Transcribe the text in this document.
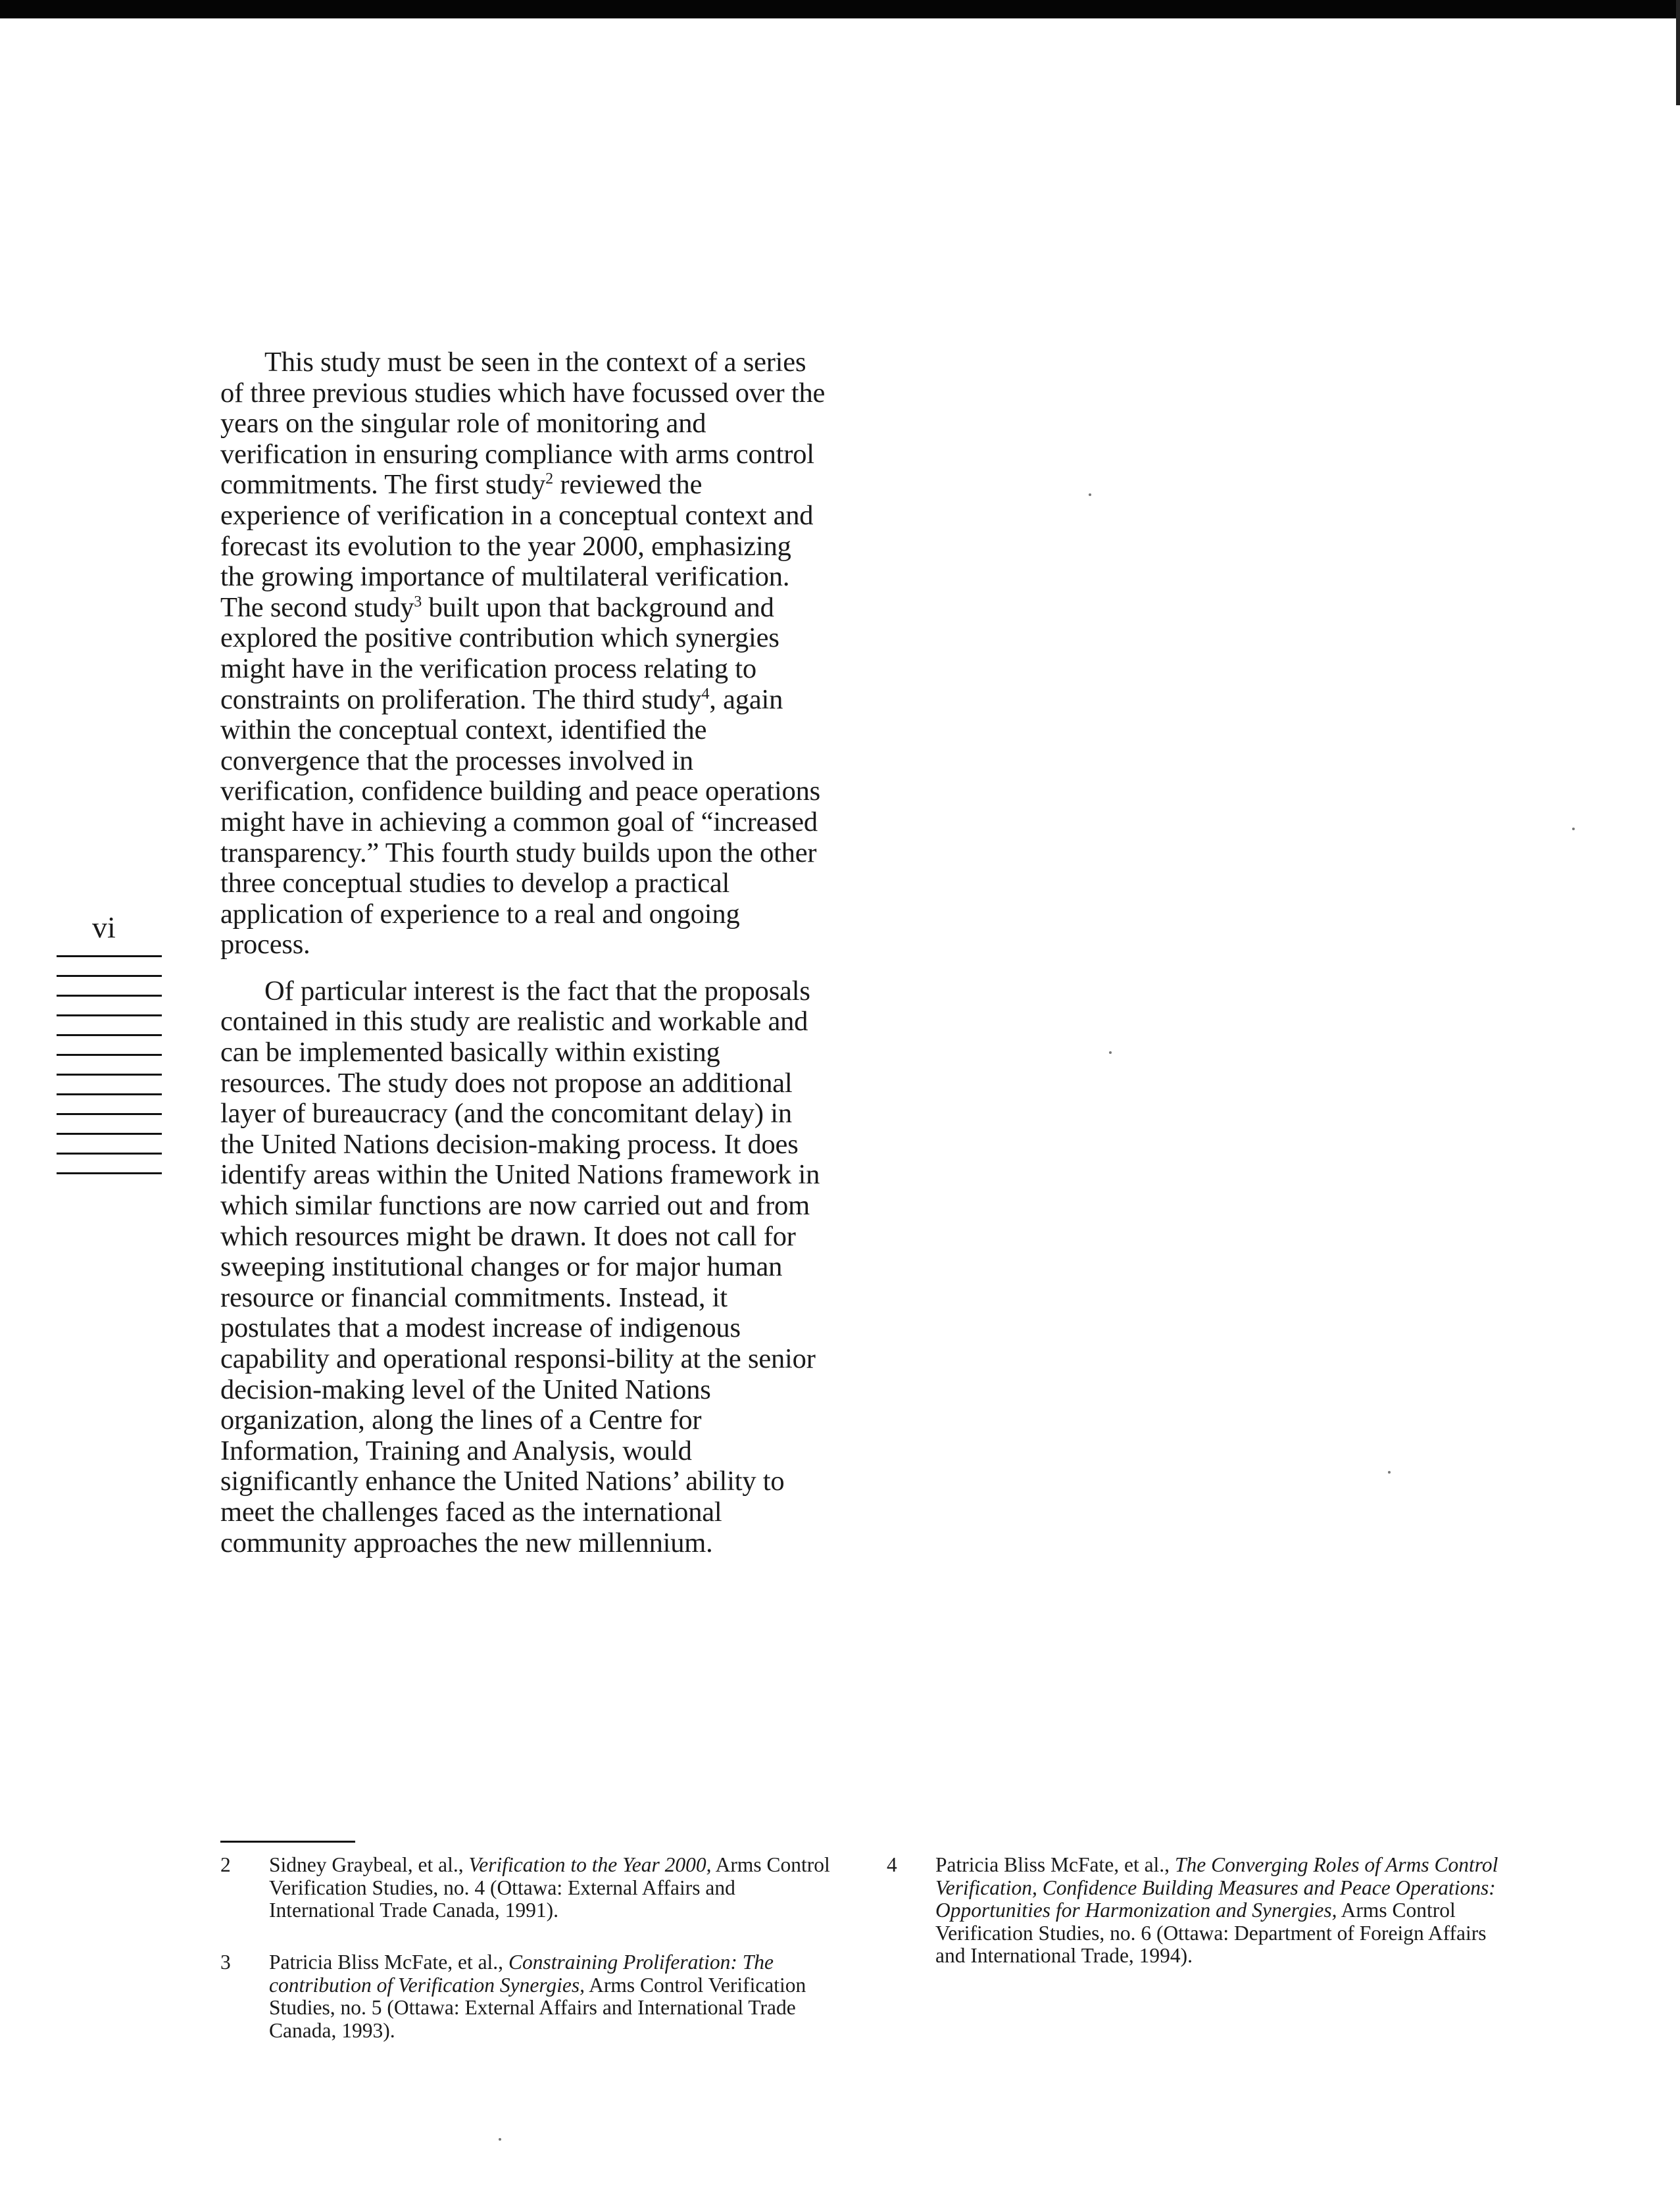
vi

This study must be seen in the context of a series of three previous studies which have focussed over the years on the singular role of monitoring and verification in ensuring compliance with arms control commitments. The first study$^2$ reviewed the experience of verification in a conceptual context and forecast its evolution to the year 2000, emphasizing the growing importance of multilateral verification. The second study$^3$ built upon that background and explored the positive contribution which synergies might have in the verification process relating to constraints on proliferation. The third study$^4$, again within the conceptual context, identified the convergence that the processes involved in verification, confidence building and peace operations might have in achieving a common goal of “increased transparency.” This fourth study builds upon the other three conceptual studies to develop a practical application of experience to a real and ongoing process.

Of particular interest is the fact that the proposals contained in this study are realistic and workable and can be implemented basically within existing resources. The study does not propose an additional layer of bureaucracy (and the concomitant delay) in the United Nations decision-making process. It does identify areas within the United Nations framework in which similar functions are now carried out and from which resources might be drawn. It does not call for sweeping institutional changes or for major human resource or financial commitments. Instead, it postulates that a modest increase of indigenous capability and operational responsi-bility at the senior decision-making level of the United Nations organization, along the lines of a Centre for Information, Training and Analysis, would significantly enhance the United Nations’ ability to meet the challenges faced as the international community approaches the new millennium.

2 Sidney Graybeal, et al., Verification to the Year 2000, Arms Control Verification Studies, no. 4 (Ottawa: External Affairs and International Trade Canada, 1991).
3 Patricia Bliss McFate, et al., Constraining Proliferation: The contribution of Verification Synergies, Arms Control Verification Studies, no. 5 (Ottawa: External Affairs and International Trade Canada, 1993).
4 Patricia Bliss McFate, et al., The Converging Roles of Arms Control Verification, Confidence Building Measures and Peace Operations: Opportunities for Harmonization and Synergies, Arms Control Verification Studies, no. 6 (Ottawa: Department of Foreign Affairs and International Trade, 1994).
